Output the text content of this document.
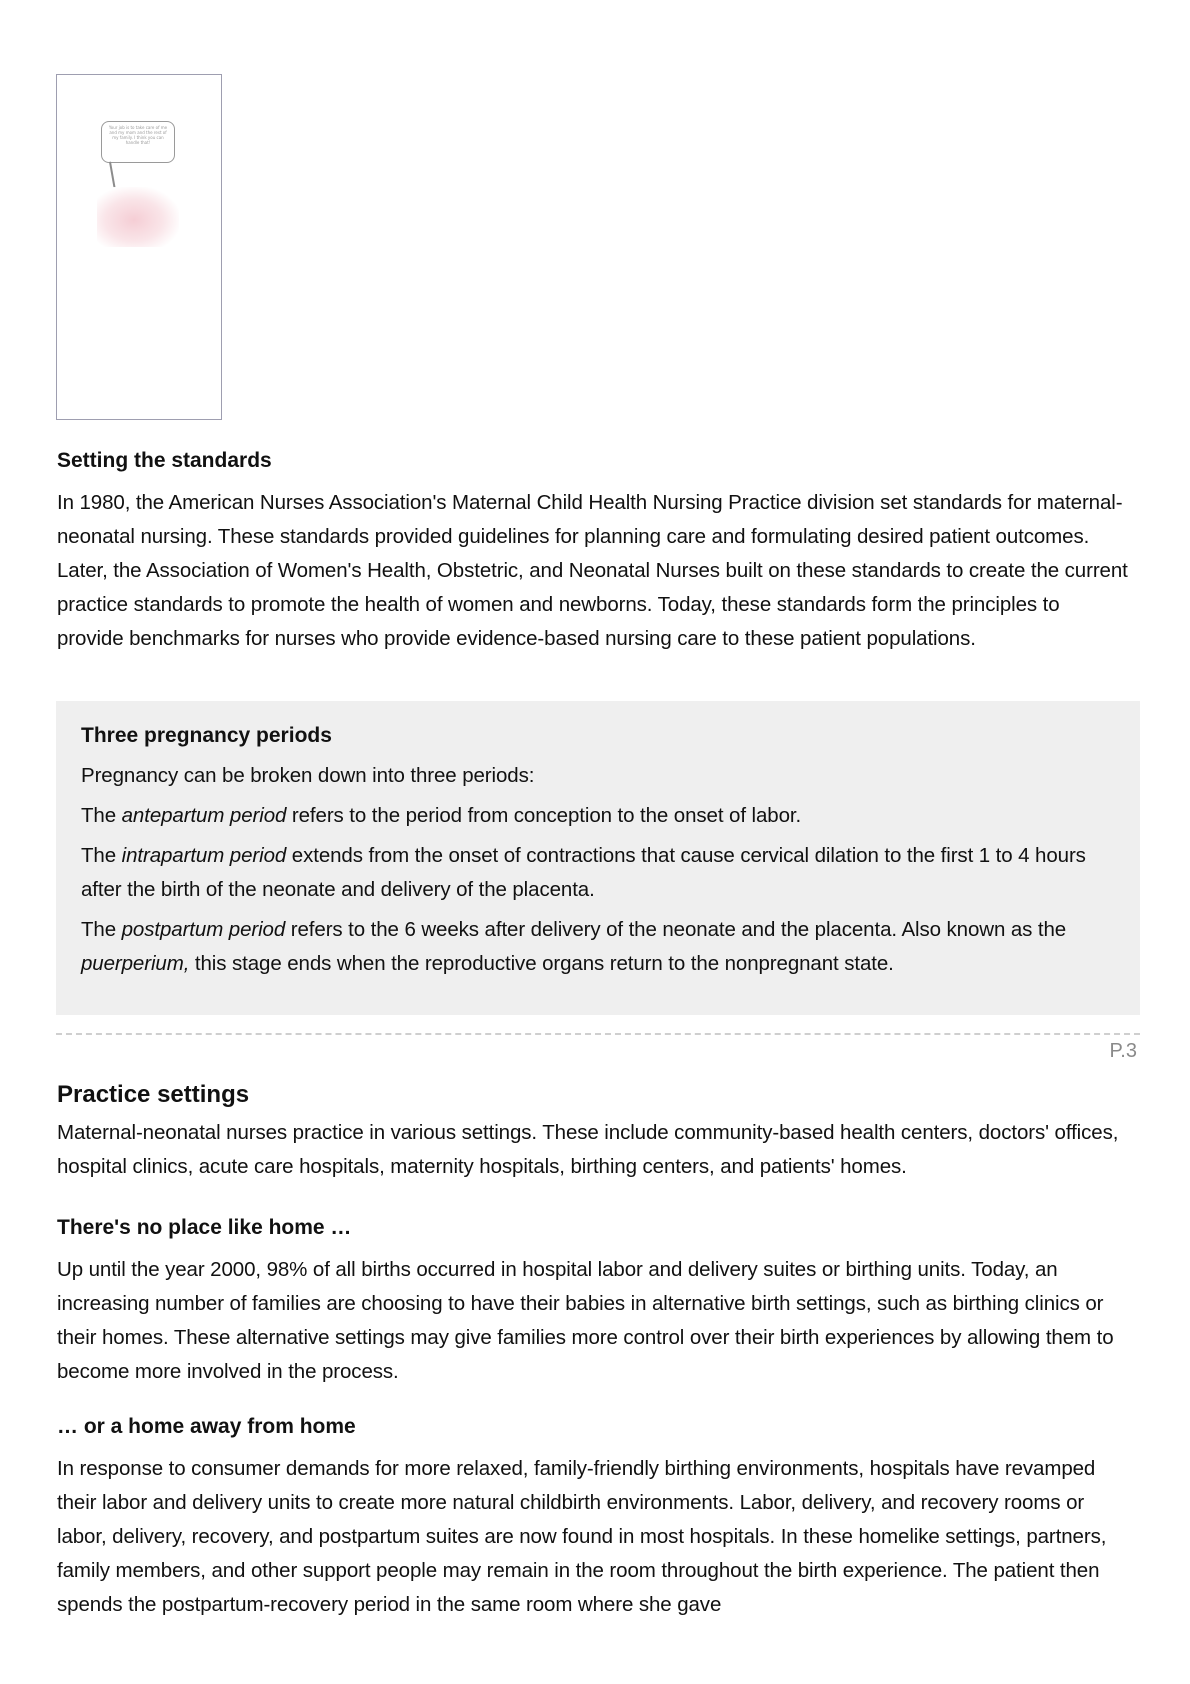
Your job is to take care of me and my mom and the rest of my family. I think you can handle that!
Setting the standards

In 1980, the American Nurses Association's Maternal Child Health Nursing Practice division set standards for maternal-neonatal nursing. These standards provided guidelines for planning care and formulating desired patient outcomes. Later, the Association of Women's Health, Obstetric, and Neonatal Nurses built on these standards to create the current practice standards to promote the health of women and newborns. Today, these standards form the principles to provide benchmarks for nurses who provide evidence-based nursing care to these patient populations.

Three pregnancy periods

Pregnancy can be broken down into three periods:

The antepartum period refers to the period from conception to the onset of labor.

The intrapartum period extends from the onset of contractions that cause cervical dilation to the first 1 to 4 hours after the birth of the neonate and delivery of the placenta.

The postpartum period refers to the 6 weeks after delivery of the neonate and the placenta. Also known as the puerperium, this stage ends when the reproductive organs return to the nonpregnant state.

P.3
Practice settings

Maternal-neonatal nurses practice in various settings. These include community-based health centers, doctors' offices, hospital clinics, acute care hospitals, maternity hospitals, birthing centers, and patients' homes.

There's no place like home …

Up until the year 2000, 98% of all births occurred in hospital labor and delivery suites or birthing units. Today, an increasing number of families are choosing to have their babies in alternative birth settings, such as birthing clinics or their homes. These alternative settings may give families more control over their birth experiences by allowing them to become more involved in the process.

… or a home away from home

In response to consumer demands for more relaxed, family-friendly birthing environments, hospitals have revamped their labor and delivery units to create more natural childbirth environments. Labor, delivery, and recovery rooms or labor, delivery, recovery, and postpartum suites are now found in most hospitals. In these homelike settings, partners, family members, and other support people may remain in the room throughout the birth experience. The patient then spends the postpartum-recovery period in the same room where she gave
